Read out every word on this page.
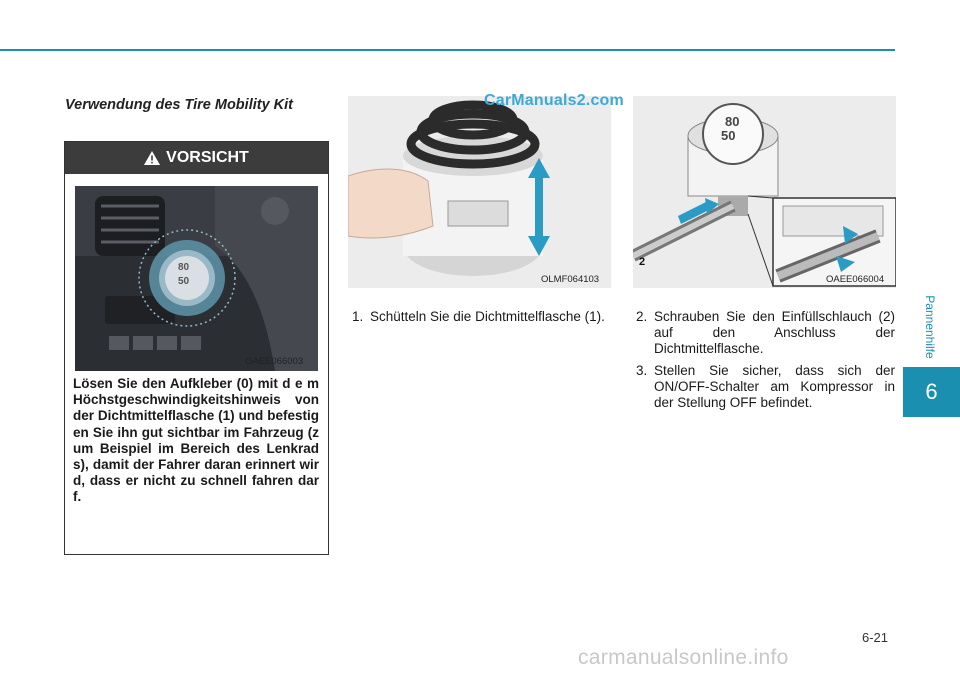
Verwendung des Tire Mobility Kit
VORSICHT
80
50
OAEE066003
Lösen Sie den Aufkleber (0) mit d e m Höchstgeschwindigkeitshinweis von der Dichtmittelflasche (1) und befestigen Sie ihn gut sichtbar im Fahrzeug (zum Beispiel im Bereich des Lenkrads), damit der Fahrer daran erinnert wird, dass er nicht zu schnell fahren darf.
OLMF064103
80
50
2
OAEE066004
CarManuals2.com
1. Schütteln Sie die Dichtmittelflasche (1).	2. Schrauben Sie den Einfüllschlauch (2) auf den Anschluss der Dichtmittelflasche.
3. Stellen Sie sicher, dass sich der ON/OFF-Schalter am Kompressor in der Stellung OFF befindet.
Pannenhilfe
6
6-21
carmanualsonline.info
